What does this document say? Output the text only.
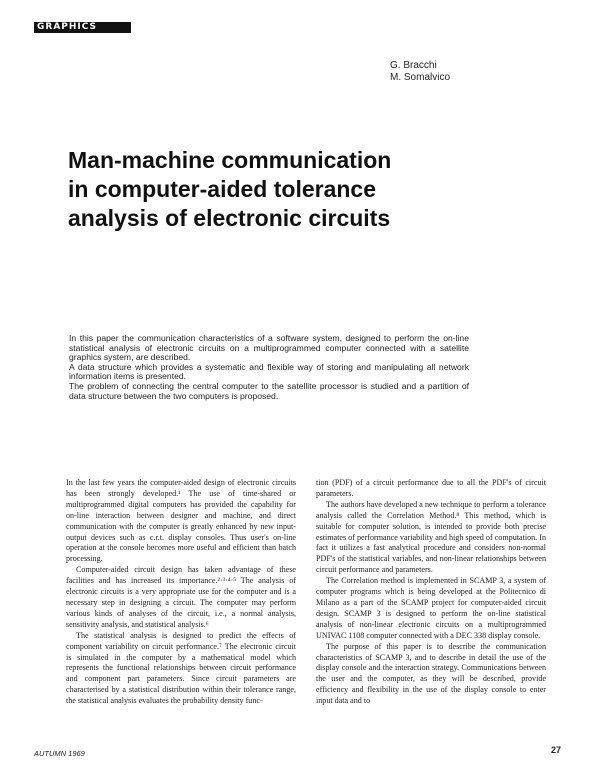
GRAPHICS
G. Bracchi
M. Somalvico
Man-machine communication
in computer-aided tolerance
analysis of electronic circuits

In this paper the communication characteristics of a software system, designed to perform the on-line statistical analysis of electronic circuits on a multiprogrammed computer connected with a satellite graphics system, are described.

A data structure which provides a systematic and flexible way of storing and manipulating all network information items is presented.

The problem of connecting the central computer to the satellite processor is studied and a partition of data structure between the two computers is proposed.

In the last few years the computer-aided design of electronic circuits has been strongly developed.¹ The use of time-shared or multiprogrammed digital computers has provided the capability for on-line interaction between designer and machine, and direct communication with the computer is greatly enhanced by new input-output devices such as c.r.t. display consoles. Thus user's on-line operation at the console becomes more useful and efficient than batch processing.

Computer-aided circuit design has taken advantage of these facilities and has increased its importance.²·³·⁴·⁵ The analysis of electronic circuits is a very appropriate use for the computer and is a necessary step in designing a circuit. The computer may perform various kinds of analyses of the circuit, i.e., a normal analysis, sensitivity analysis, and statistical analysis.⁶

The statistical analysis is designed to predict the effects of component variability on circuit performance.⁷ The electronic circuit is simulated in the computer by a mathematical model which represents the functional relationships between circuit performance and component part parameters. Since circuit parameters are characterised by a statistical distribution within their tolerance range, the statistical analysis evaluates the probability density func-

tion (PDF) of a circuit performance due to all the PDF's of circuit parameters.

The authors have developed a new technique to perform a tolerance analysis called the Correlation Method.⁸ This method, which is suitable for computer solution, is intended to provide both precise estimates of performance variability and high speed of computation. In fact it utilizes a fast analytical procedure and considers non-normal PDF's of the statistical variables, and non-linear relationships between circuit performance and parameters.

The Correlation method is implemented in SCAMP 3, a system of computer programs which is being developed at the Politecnico di Milano as a part of the SCAMP project for computer-aided circuit design. SCAMP 3 is designed to perform the on-line statistical analysis of non-linear electronic circuits on a multiprogrammed UNIVAC 1108 computer connected with a DEC 338 display console.

The purpose of this paper is to describe the communication characteristics of SCAMP 3, and to describe in detail the use of the display console and the interaction strategy. Communications between the user and the computer, as they will be described, provide efficiency and flexibility in the use of the display console to enter input data and to

AUTUMN 1969	27
